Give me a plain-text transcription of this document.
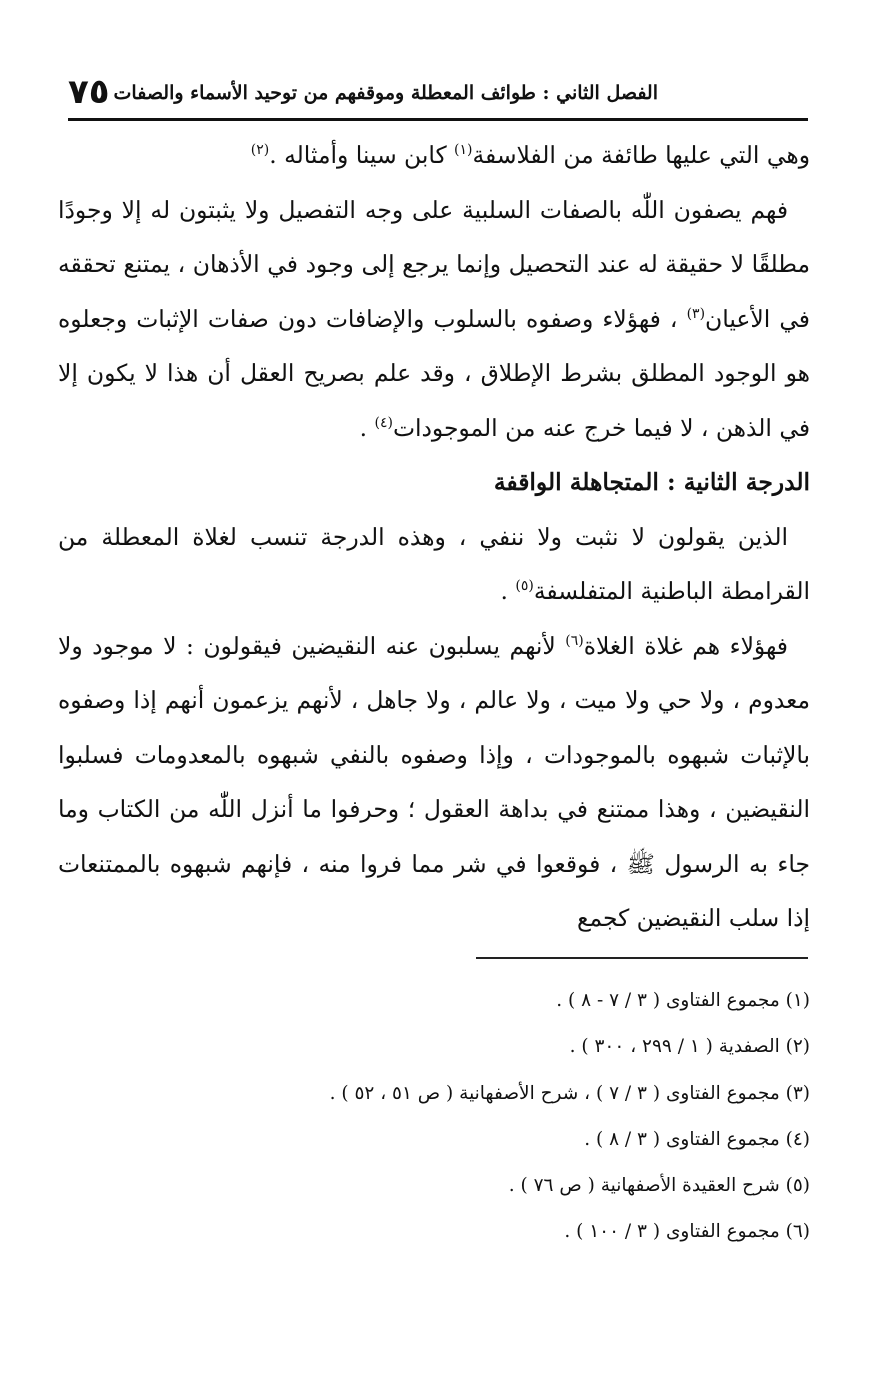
الفصل الثاني : طوائف المعطلة وموقفهم من توحيد الأسماء والصفات
٧٥

وهي التي عليها طائفة من الفلاسفة$^{(١)}$ كابن سينا وأمثاله .$^{(٢)}$

فهم يصفون اللّٰه بالصفات السلبية على وجه التفصيل ولا يثبتون له إلا وجودًا مطلقًا لا حقيقة له عند التحصيل وإنما يرجع إلى وجود في الأذهان ، يمتنع تحققه في الأعيان$^{(٣)}$ ، فهؤلاء وصفوه بالسلوب والإضافات دون صفات الإثبات وجعلوه هو الوجود المطلق بشرط الإطلاق ، وقد علم بصريح العقل أن هذا لا يكون إلا في الذهن ، لا فيما خرج عنه من الموجودات$^{(٤)}$ .

الدرجة الثانية : المتجاهلة الواقفة

الذين يقولون لا نثبت ولا ننفي ، وهذه الدرجة تنسب لغلاة المعطلة من القرامطة الباطنية المتفلسفة$^{(٥)}$ .

فهؤلاء هم غلاة الغلاة$^{(٦)}$ لأنهم يسلبون عنه النقيضين فيقولون : لا موجود ولا معدوم ، ولا حي ولا ميت ، ولا عالم ، ولا جاهل ، لأنهم يزعمون أنهم إذا وصفوه بالإثبات شبهوه بالموجودات ، وإذا وصفوه بالنفي شبهوه بالمعدومات فسلبوا النقيضين ، وهذا ممتنع في بداهة العقول ؛ وحرفوا ما أنزل اللّٰه من الكتاب وما جاء به الرسول ﷺ ، فوقعوا في شر مما فروا منه ، فإنهم شبهوه بالممتنعات إذا سلب النقيضين كجمع

(١) مجموع الفتاوى ( ٣ / ٧ - ٨ ) .
(٢) الصفدية ( ١ / ٢٩٩ ، ٣٠٠ ) .
(٣) مجموع الفتاوى ( ٣ / ٧ ) ، شرح الأصفهانية ( ص ٥١ ، ٥٢ ) .
(٤) مجموع الفتاوى ( ٣ / ٨ ) .
(٥) شرح العقيدة الأصفهانية ( ص ٧٦ ) .
(٦) مجموع الفتاوى ( ٣ / ١٠٠ ) .
